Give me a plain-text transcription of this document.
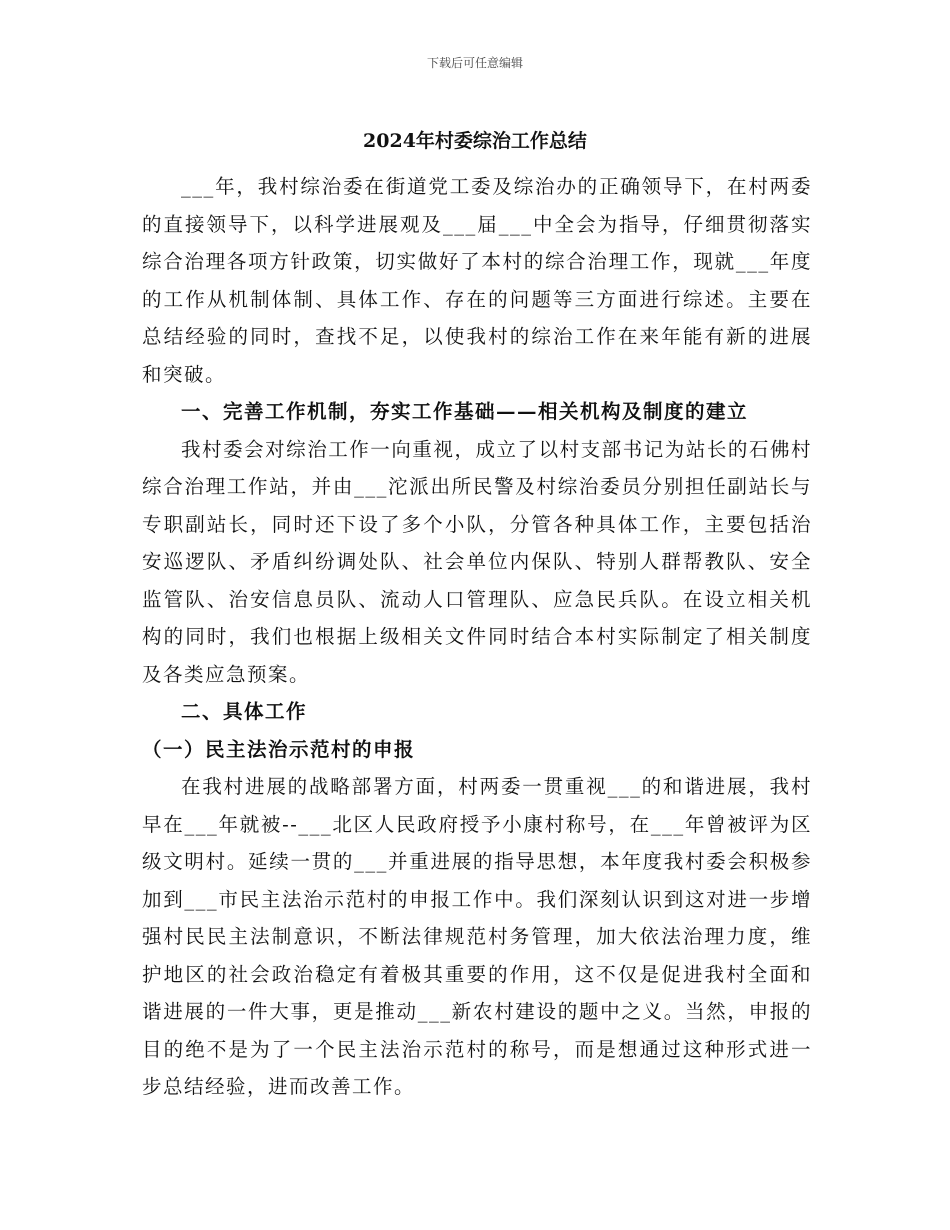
下载后可任意编辑
2024年村委综治工作总结

___年，我村综治委在街道党工委及综治办的正确领导下，在村两委的直接领导下，以科学进展观及___届___中全会为指导，仔细贯彻落实综合治理各项方针政策，切实做好了本村的综合治理工作，现就___年度的工作从机制体制、具体工作、存在的问题等三方面进行综述。主要在总结经验的同时，查找不足，以使我村的综治工作在来年能有新的进展和突破。

一、完善工作机制，夯实工作基础——相关机构及制度的建立

我村委会对综治工作一向重视，成立了以村支部书记为站长的石佛村综合治理工作站，并由___沱派出所民警及村综治委员分别担任副站长与专职副站长，同时还下设了多个小队，分管各种具体工作，主要包括治安巡逻队、矛盾纠纷调处队、社会单位内保队、特别人群帮教队、安全监管队、治安信息员队、流动人口管理队、应急民兵队。在设立相关机构的同时，我们也根据上级相关文件同时结合本村实际制定了相关制度及各类应急预案。

二、具体工作

（一）民主法治示范村的申报

在我村进展的战略部署方面，村两委一贯重视___的和谐进展，我村早在___年就被--___北区人民政府授予小康村称号，在___年曾被评为区级文明村。延续一贯的___并重进展的指导思想，本年度我村委会积极参加到___市民主法治示范村的申报工作中。我们深刻认识到这对进一步增强村民民主法制意识，不断法律规范村务管理，加大依法治理力度，维护地区的社会政治稳定有着极其重要的作用，这不仅是促进我村全面和谐进展的一件大事，更是推动___新农村建设的题中之义。当然，申报的目的绝不是为了一个民主法治示范村的称号，而是想通过这种形式进一步总结经验，进而改善工作。
